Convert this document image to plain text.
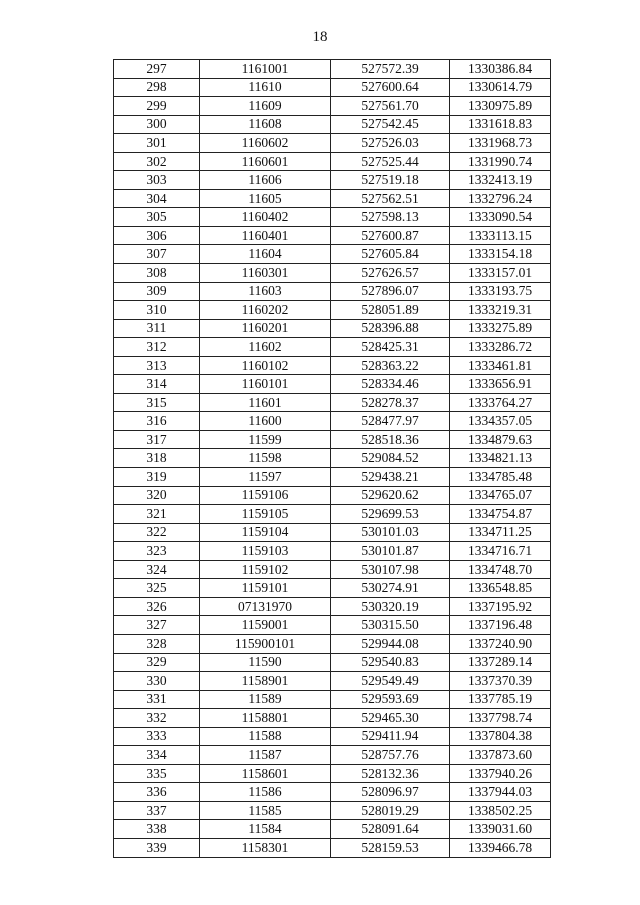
18
297	1161001	527572.39	1330386.84
298	11610	527600.64	1330614.79
299	11609	527561.70	1330975.89
300	11608	527542.45	1331618.83
301	1160602	527526.03	1331968.73
302	1160601	527525.44	1331990.74
303	11606	527519.18	1332413.19
304	11605	527562.51	1332796.24
305	1160402	527598.13	1333090.54
306	1160401	527600.87	1333113.15
307	11604	527605.84	1333154.18
308	1160301	527626.57	1333157.01
309	11603	527896.07	1333193.75
310	1160202	528051.89	1333219.31
311	1160201	528396.88	1333275.89
312	11602	528425.31	1333286.72
313	1160102	528363.22	1333461.81
314	1160101	528334.46	1333656.91
315	11601	528278.37	1333764.27
316	11600	528477.97	1334357.05
317	11599	528518.36	1334879.63
318	11598	529084.52	1334821.13
319	11597	529438.21	1334785.48
320	1159106	529620.62	1334765.07
321	1159105	529699.53	1334754.87
322	1159104	530101.03	1334711.25
323	1159103	530101.87	1334716.71
324	1159102	530107.98	1334748.70
325	1159101	530274.91	1336548.85
326	07131970	530320.19	1337195.92
327	1159001	530315.50	1337196.48
328	115900101	529944.08	1337240.90
329	11590	529540.83	1337289.14
330	1158901	529549.49	1337370.39
331	11589	529593.69	1337785.19
332	1158801	529465.30	1337798.74
333	11588	529411.94	1337804.38
334	11587	528757.76	1337873.60
335	1158601	528132.36	1337940.26
336	11586	528096.97	1337944.03
337	11585	528019.29	1338502.25
338	11584	528091.64	1339031.60
339	1158301	528159.53	1339466.78
